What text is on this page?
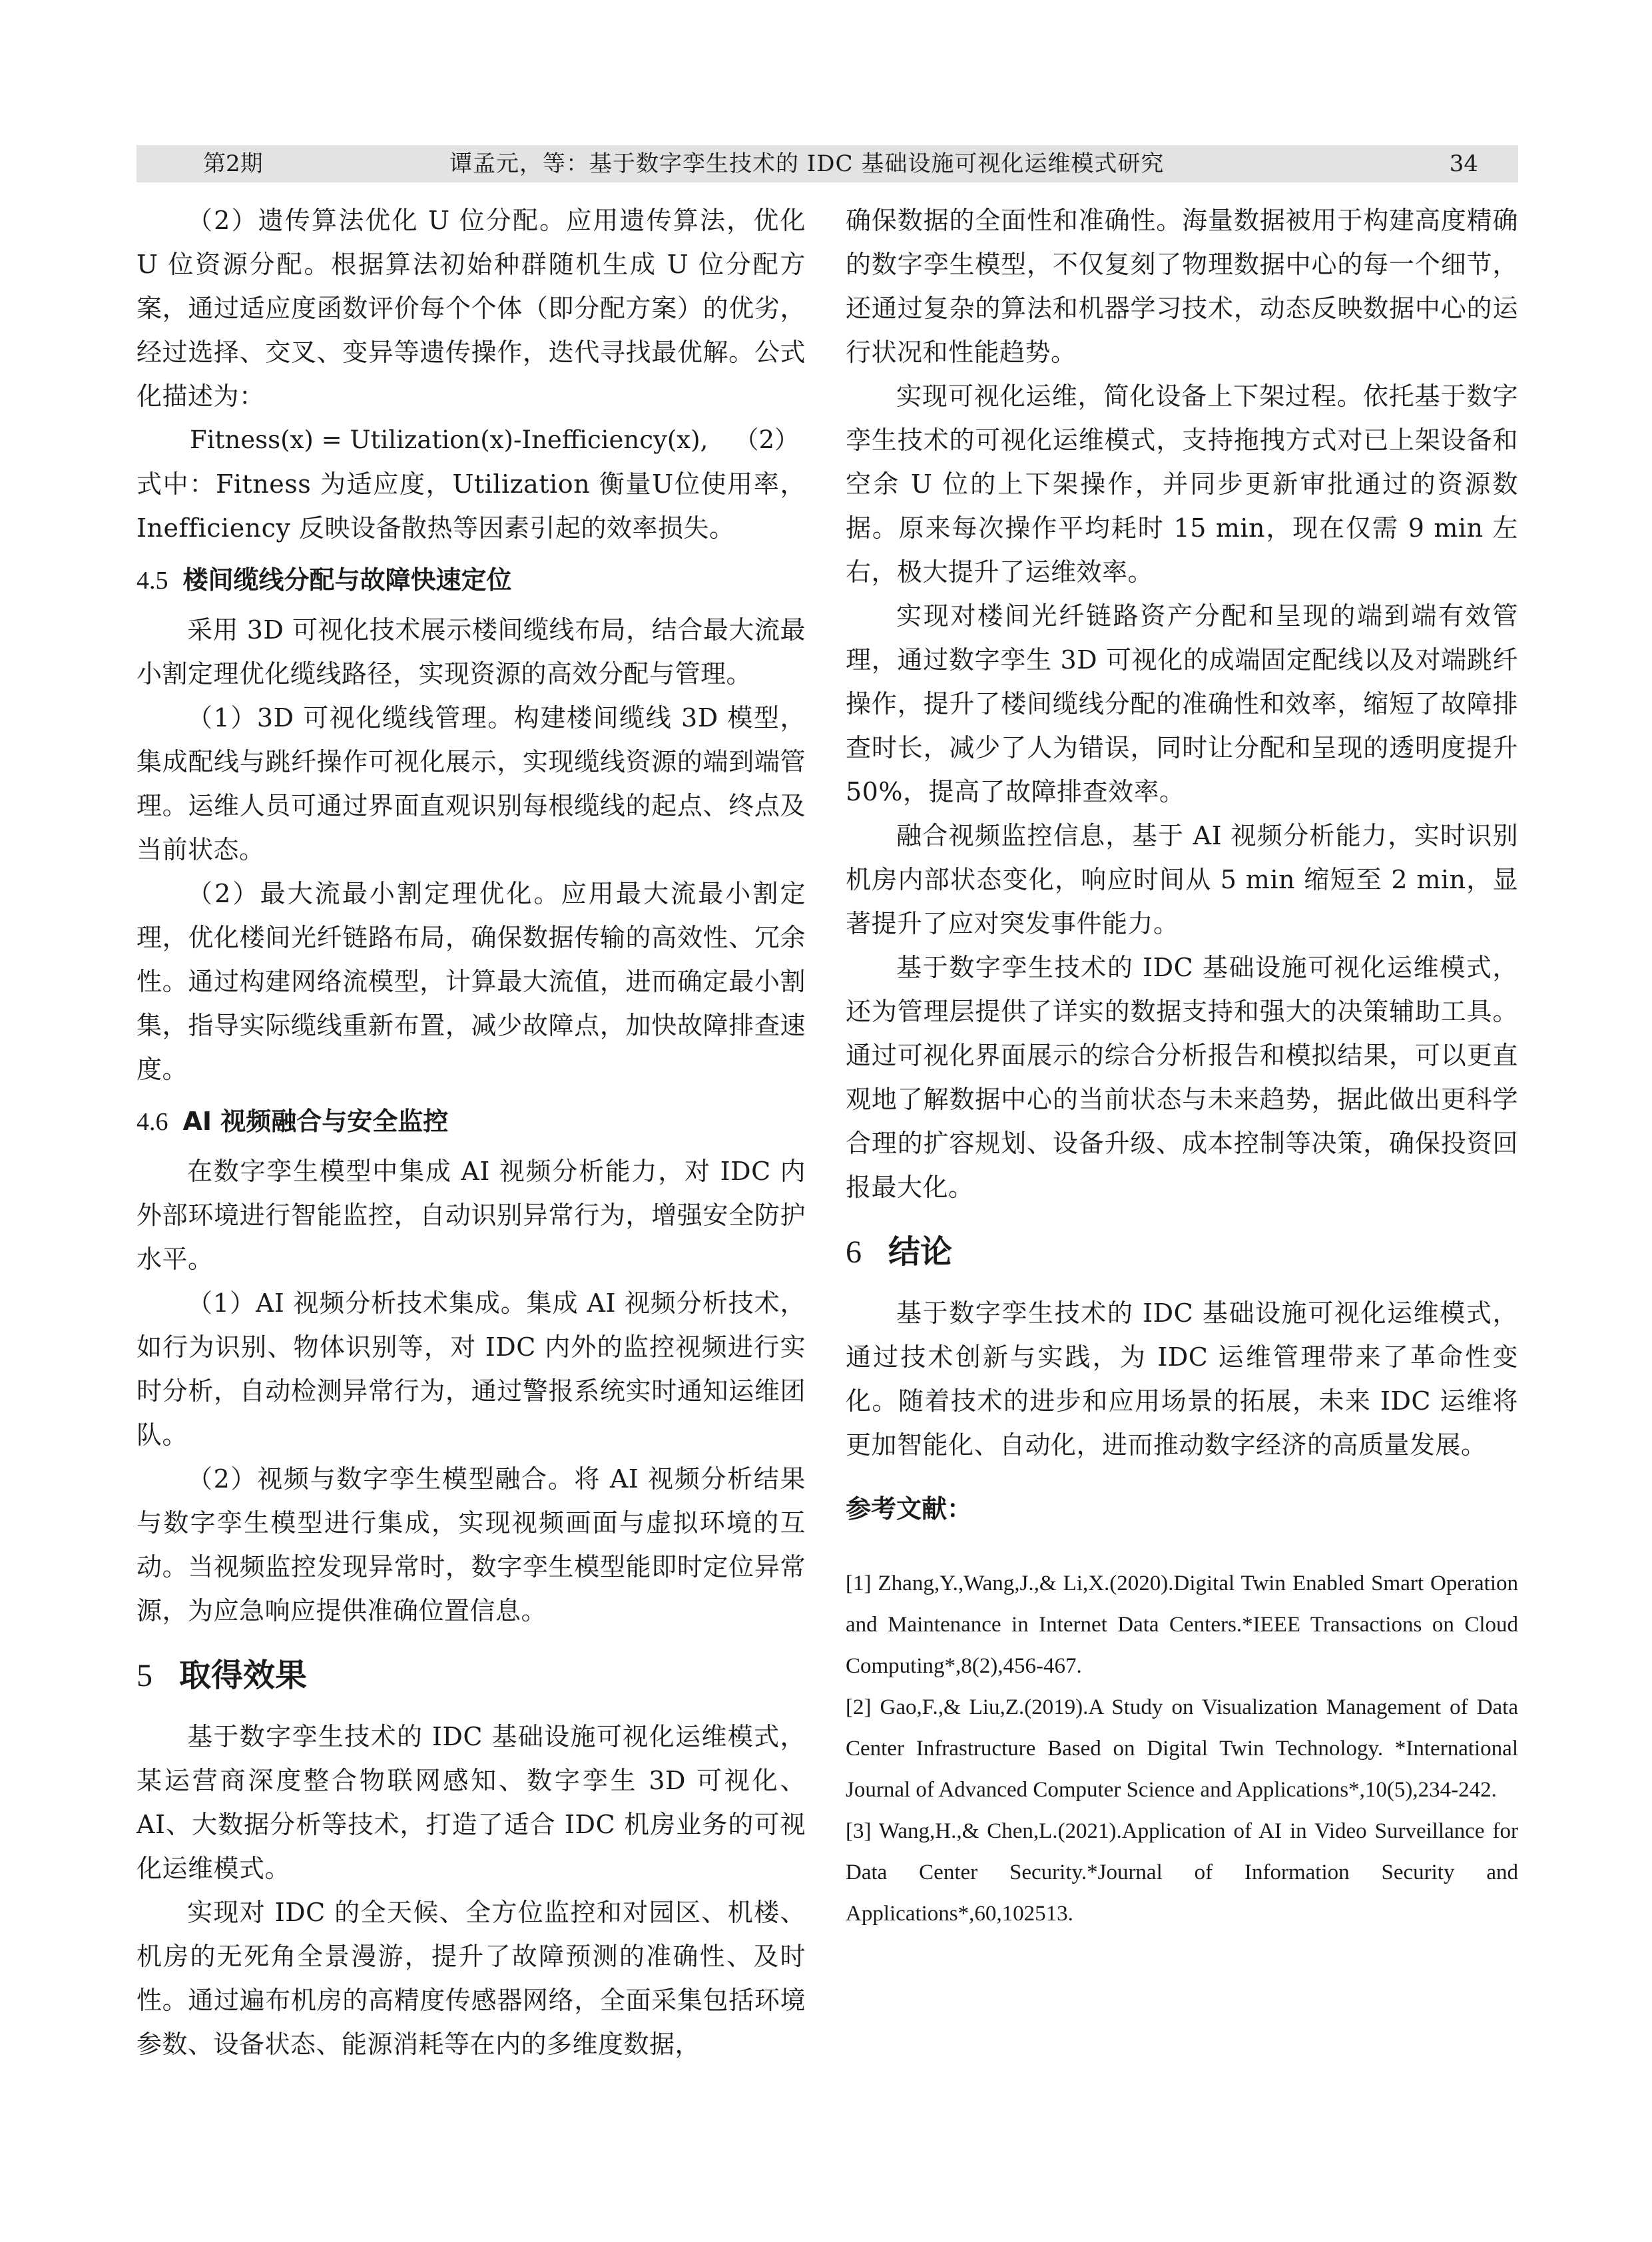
第2期	谭孟元，等：基于数字孪生技术的 IDC 基础设施可视化运维模式研究	34

（2）遗传算法优化 U 位分配。应用遗传算法，优化 U 位资源分配。根据算法初始种群随机生成 U 位分配方案，通过适应度函数评价每个个体（即分配方案）的优劣，经过选择、交叉、变异等遗传操作，迭代寻找最优解。公式化描述为：

Fitness(x) = Utilization(x)-Inefficiency(x), （2）

式中：Fitness 为适应度，Utilization 衡量U位使用率，Inefficiency 反映设备散热等因素引起的效率损失。

4.5 楼间缆线分配与故障快速定位

采用 3D 可视化技术展示楼间缆线布局，结合最大流最小割定理优化缆线路径，实现资源的高效分配与管理。

（1）3D 可视化缆线管理。构建楼间缆线 3D 模型，集成配线与跳纤操作可视化展示，实现缆线资源的端到端管理。运维人员可通过界面直观识别每根缆线的起点、终点及当前状态。

（2）最大流最小割定理优化。应用最大流最小割定理，优化楼间光纤链路布局，确保数据传输的高效性、冗余性。通过构建网络流模型，计算最大流值，进而确定最小割集，指导实际缆线重新布置，减少故障点，加快故障排查速度。

4.6 AI 视频融合与安全监控

在数字孪生模型中集成 AI 视频分析能力，对 IDC 内外部环境进行智能监控，自动识别异常行为，增强安全防护水平。

（1）AI 视频分析技术集成。集成 AI 视频分析技术，如行为识别、物体识别等，对 IDC 内外的监控视频进行实时分析，自动检测异常行为，通过警报系统实时通知运维团队。

（2）视频与数字孪生模型融合。将 AI 视频分析结果与数字孪生模型进行集成，实现视频画面与虚拟环境的互动。当视频监控发现异常时，数字孪生模型能即时定位异常源，为应急响应提供准确位置信息。

5 取得效果

基于数字孪生技术的 IDC 基础设施可视化运维模式，某运营商深度整合物联网感知、数字孪生 3D 可视化、AI、大数据分析等技术，打造了适合 IDC 机房业务的可视化运维模式。

实现对 IDC 的全天候、全方位监控和对园区、机楼、机房的无死角全景漫游，提升了故障预测的准确性、及时性。通过遍布机房的高精度传感器网络，全面采集包括环境参数、设备状态、能源消耗等在内的多维度数据，

确保数据的全面性和准确性。海量数据被用于构建高度精确的数字孪生模型，不仅复刻了物理数据中心的每一个细节，还通过复杂的算法和机器学习技术，动态反映数据中心的运行状况和性能趋势。

实现可视化运维，简化设备上下架过程。依托基于数字孪生技术的可视化运维模式，支持拖拽方式对已上架设备和空余 U 位的上下架操作，并同步更新审批通过的资源数据。原来每次操作平均耗时 15 min，现在仅需 9 min 左右，极大提升了运维效率。

实现对楼间光纤链路资产分配和呈现的端到端有效管理，通过数字孪生 3D 可视化的成端固定配线以及对端跳纤操作，提升了楼间缆线分配的准确性和效率，缩短了故障排查时长，减少了人为错误，同时让分配和呈现的透明度提升 50%，提高了故障排查效率。

融合视频监控信息，基于 AI 视频分析能力，实时识别机房内部状态变化，响应时间从 5 min 缩短至 2 min，显著提升了应对突发事件能力。

基于数字孪生技术的 IDC 基础设施可视化运维模式，还为管理层提供了详实的数据支持和强大的决策辅助工具。通过可视化界面展示的综合分析报告和模拟结果，可以更直观地了解数据中心的当前状态与未来趋势，据此做出更科学合理的扩容规划、设备升级、成本控制等决策，确保投资回报最大化。

6 结论

基于数字孪生技术的 IDC 基础设施可视化运维模式，通过技术创新与实践，为 IDC 运维管理带来了革命性变化。随着技术的进步和应用场景的拓展，未来 IDC 运维将更加智能化、自动化，进而推动数字经济的高质量发展。

参考文献：

[1] Zhang,Y.,Wang,J.,& Li,X.(2020).Digital Twin Enabled Smart Operation and Maintenance in Internet Data Centers.*IEEE Transactions on Cloud Computing*,8(2),456-467.

[2] Gao,F.,& Liu,Z.(2019).A Study on Visualization Management of Data Center Infrastructure Based on Digital Twin Technology. *International Journal of Advanced Computer Science and Applications*,10(5),234-242.

[3] Wang,H.,& Chen,L.(2021).Application of AI in Video Surveillance for Data Center Security.*Journal of Information Security and Applications*,60,102513.
